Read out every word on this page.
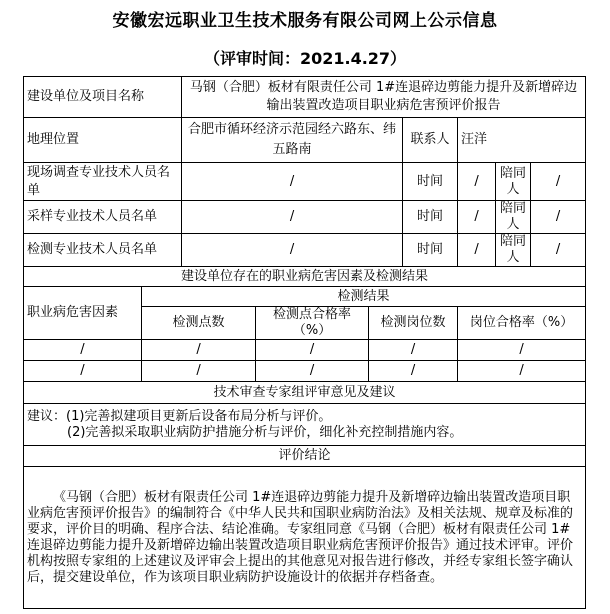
安徽宏远职业卫生技术服务有限公司网上公示信息
（评审时间：2021.4.27）
建设单位及项目名称		马钢（合肥）板材有限责任公司 1#连退碎边剪能力提升及新增碎边输出装置改造项目职业病危害预评价报告						
地理位置		合肥市循环经济示范园经六路东、纬五路南			联系人	汪洋		
现场调查专业技术人员名单		/			时间	/	陪同人	/
采样专业技术人员名单		/			时间	/	陪同人	/
检测专业技术人员名单		/			时间	/	陪同人	/
建设单位存在的职业病危害因素及检测结果								
职业病危害因素	检测结果							
	检测点数		检测点合格率（%）	检测岗位数		岗位合格率（%）		
/	/		/	/		/		
/	/		/	/		/		
技术审查专家组评审意见及建议								
建议：(1)完善拟建项目更新后设备布局分析与评价。
(2)完善拟采取职业病防护措施分析与评价，细化补充控制措施内容。								

评价结论								
《马钢（合肥）板材有限责任公司 1#连退碎边剪能力提升及新增碎边输出装置改造项目职业病危害预评价报告》的编制符合《中华人民共和国职业病防治法》及相关法规、规章及标准的要求，评价目的明确、程序合法、结论准确。专家组同意《马钢（合肥）板材有限责任公司 1#连退碎边剪能力提升及新增碎边输出装置改造项目职业病危害预评价报告》通过技术评审。评价机构按照专家组的上述建议及评审会上提出的其他意见对报告进行修改，并经专家组长签字确认后，提交建设单位，作为该项目职业病防护设施设计的依据并存档备查。								
